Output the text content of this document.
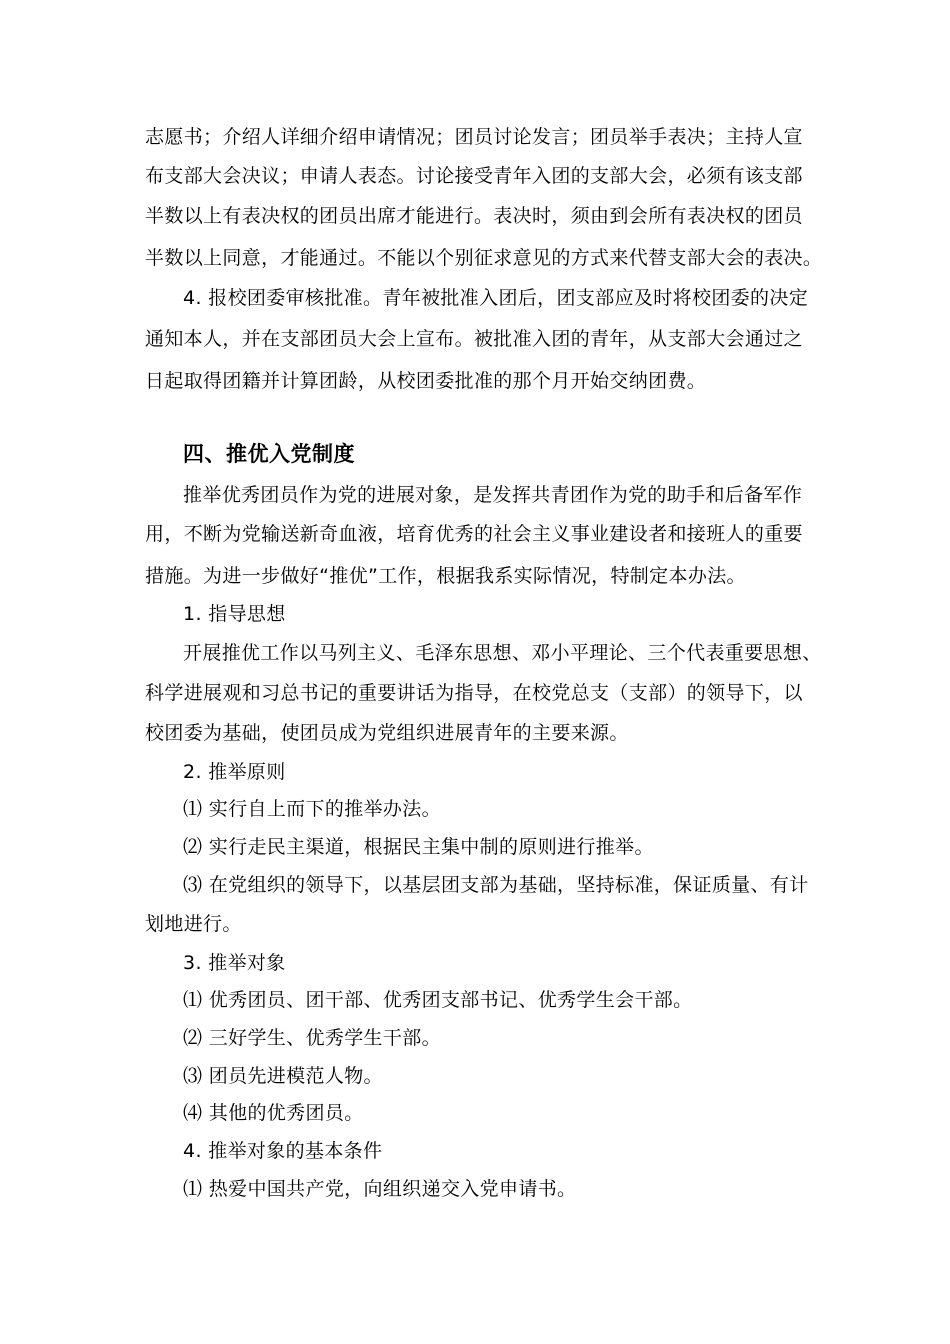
志愿书；介绍人详细介绍申请情况；团员讨论发言；团员举手表决；主持人宣
布支部大会决议；申请人表态。讨论接受青年入团的支部大会，必须有该支部
半数以上有表决权的团员出席才能进行。表决时，须由到会所有表决权的团员
半数以上同意，才能通过。不能以个别征求意见的方式来代替支部大会的表决。
4. 报校团委审核批准。青年被批准入团后，团支部应及时将校团委的决定
通知本人，并在支部团员大会上宣布。被批准入团的青年，从支部大会通过之
日起取得团籍并计算团龄，从校团委批准的那个月开始交纳团费。
四、推优入党制度
推举优秀团员作为党的进展对象，是发挥共青团作为党的助手和后备军作
用，不断为党输送新奇血液，培育优秀的社会主义事业建设者和接班人的重要
措施。为进一步做好“推优”工作，根据我系实际情况，特制定本办法。
1. 指导思想
开展推优工作以马列主义、毛泽东思想、邓小平理论、三个代表重要思想、
科学进展观和习总书记的重要讲话为指导，在校党总支（支部）的领导下，以
校团委为基础，使团员成为党组织进展青年的主要来源。
2. 推举原则
⑴ 实行自上而下的推举办法。
⑵ 实行走民主渠道，根据民主集中制的原则进行推举。
⑶ 在党组织的领导下，以基层团支部为基础，坚持标准，保证质量、有计
划地进行。
3. 推举对象
⑴ 优秀团员、团干部、优秀团支部书记、优秀学生会干部。
⑵ 三好学生、优秀学生干部。
⑶ 团员先进模范人物。
⑷ 其他的优秀团员。
4. 推举对象的基本条件
⑴ 热爱中国共产党，向组织递交入党申请书。
